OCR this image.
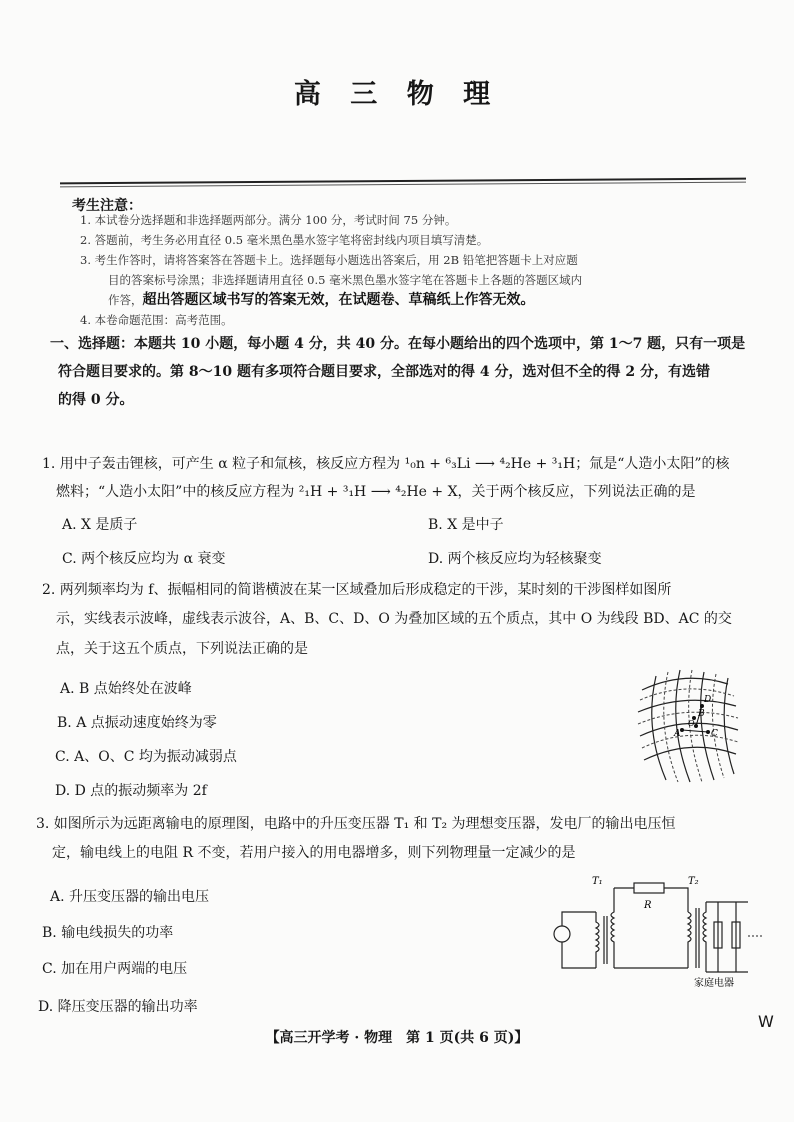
高 三 物 理
考生注意：
1. 本试卷分选择题和非选择题两部分。满分 100 分，考试时间 75 分钟。
2. 答题前，考生务必用直径 0.5 毫米黑色墨水签字笔将密封线内项目填写清楚。
3. 考生作答时，请将答案答在答题卡上。选择题每小题选出答案后，用 2B 铅笔把答题卡上对应题
目的答案标号涂黑；非选择题请用直径 0.5 毫米黑色墨水签字笔在答题卡上各题的答题区域内
作答，超出答题区域书写的答案无效，在试题卷、草稿纸上作答无效。
4. 本卷命题范围：高考范围。
一、选择题：本题共 10 小题，每小题 4 分，共 40 分。在每小题给出的四个选项中，第 1～7 题，只有一项是
符合题目要求的。第 8～10 题有多项符合题目要求，全部选对的得 4 分，选对但不全的得 2 分，有选错
的得 0 分。
1. 用中子轰击锂核，可产生 α 粒子和氚核，核反应方程为 ¹₀n + ⁶₃Li ⟶ ⁴₂He + ³₁H；氚是“人造小太阳”的核
燃料；“人造小太阳”中的核反应方程为 ²₁H + ³₁H ⟶ ⁴₂He + X，关于两个核反应，下列说法正确的是
A. X 是质子	B. X 是中子
C. 两个核反应均为 α 衰变	D. 两个核反应均为轻核聚变
2. 两列频率均为 f、振幅相同的简谐横波在某一区域叠加后形成稳定的干涉，某时刻的干涉图样如图所
示，实线表示波峰，虚线表示波谷，A、B、C、D、O 为叠加区域的五个质点，其中 O 为线段 BD、AC 的交
点，关于这五个质点，下列说法正确的是
A. B 点始终处在波峰
B. A 点振动速度始终为零
C. A、O、C 均为振动减弱点
D. D 点的振动频率为 2f
D
B
O
A	C
3. 如图所示为远距离输电的原理图，电路中的升压变压器 T₁ 和 T₂ 为理想变压器，发电厂的输出电压恒
定，输电线上的电阻 R 不变，若用户接入的用电器增多，则下列物理量一定减少的是
A. 升压变压器的输出电压
B. 输电线损失的功率
C. 加在用户两端的电压
D. 降压变压器的输出功率
T₁	T₂
R
家庭电器
W
【高三开学考 · 物理　第 1 页(共 6 页)】
